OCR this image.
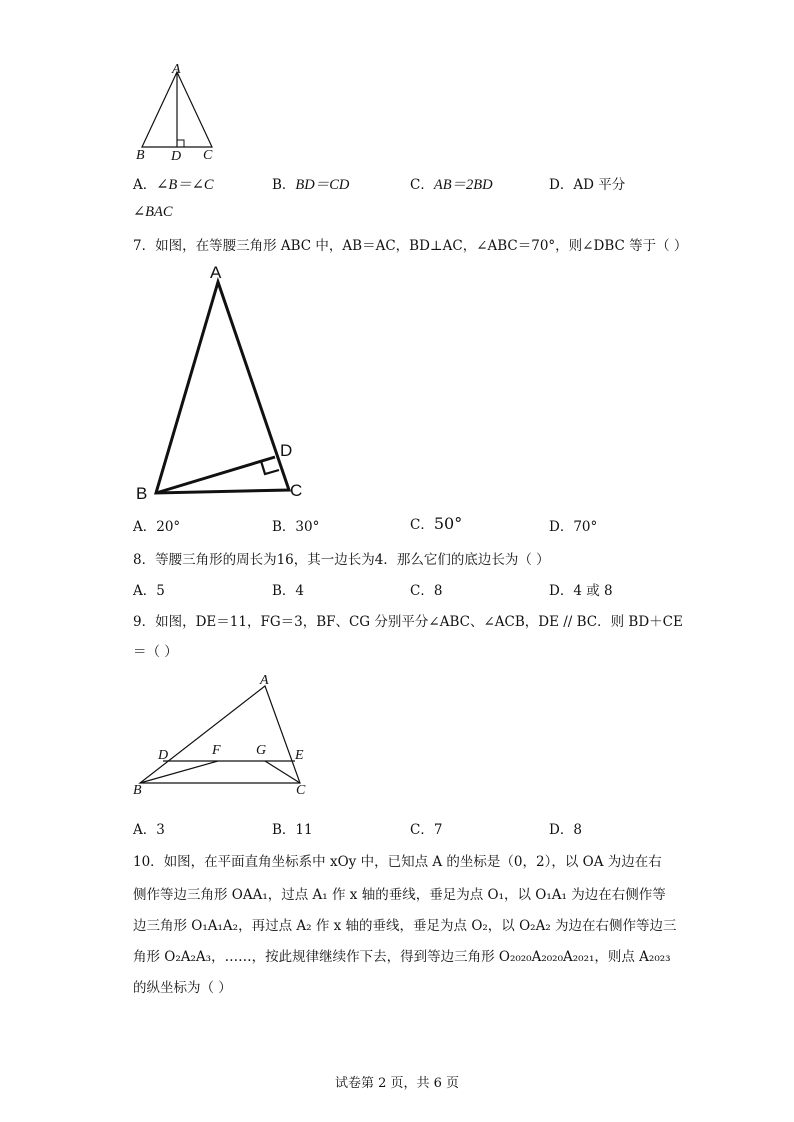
A
B D C
A．∠B＝∠C	B．BD＝CD	C．AB＝2BD	D．AD 平分
∠BAC
7．如图，在等腰三角形 ABC 中，AB＝AC，BD⊥AC，∠ABC＝70°，则∠DBC 等于（ ）
A
D
B	C
A．20°	B．30°	C．50°	D．70°
8．等腰三角形的周长为16，其一边长为4．那么它们的底边长为（ ）
A．5	B．4	C．8	D．4 或 8
9．如图，DE＝11，FG＝3，BF、CG 分别平分∠ABC、∠ACB，DE // BC．则 BD＋CE
＝（ ）
A
D	F	G E
B	C
A．3	B．11	C．7	D．8
10．如图，在平面直角坐标系中 xOy 中，已知点 A 的坐标是（0，2），以 OA 为边在右
侧作等边三角形 OAA₁，过点 A₁ 作 x 轴的垂线，垂足为点 O₁，以 O₁A₁ 为边在右侧作等
边三角形 O₁A₁A₂，再过点 A₂ 作 x 轴的垂线，垂足为点 O₂，以 O₂A₂ 为边在右侧作等边三
角形 O₂A₂A₃，……，按此规律继续作下去，得到等边三角形 O₂₀₂₀A₂₀₂₀A₂₀₂₁，则点 A₂₀₂₃
的纵坐标为（ ）
试卷第 2 页，共 6 页
